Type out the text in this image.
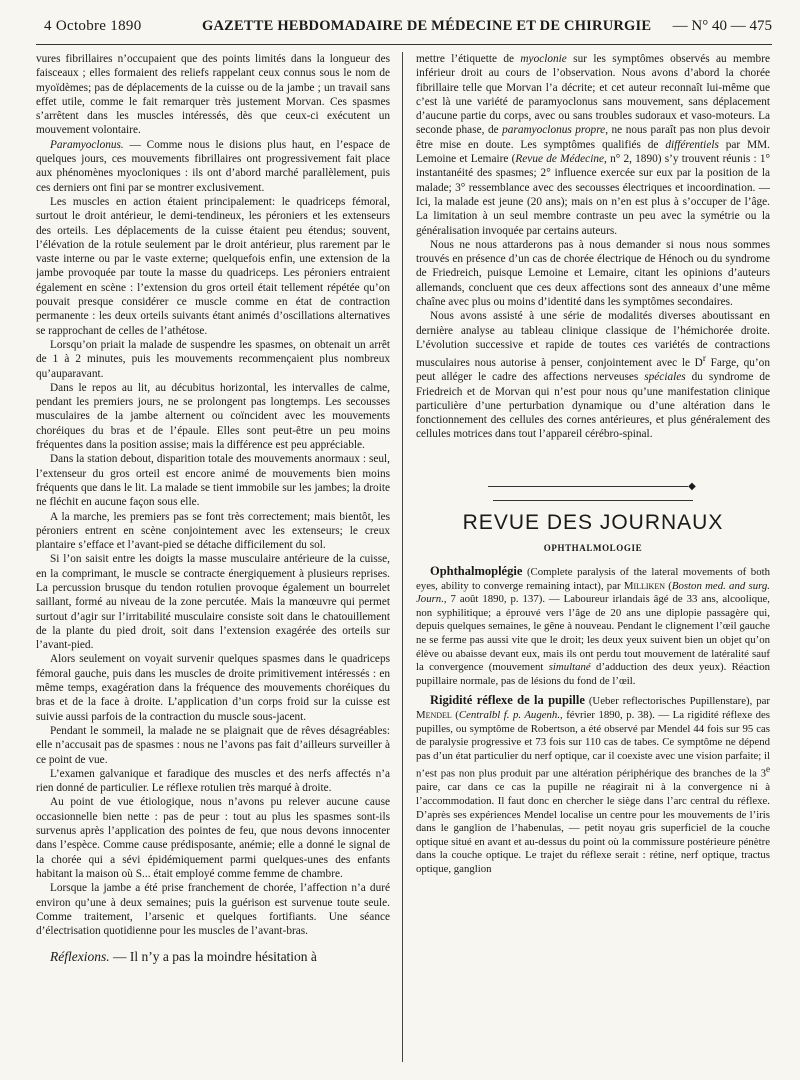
4 Octobre 1890	GAZETTE HEBDOMADAIRE DE MÉDECINE ET DE CHIRURGIE — N° 40 — 475

vures fibrillaires n’occupaient que des points limités dans la longueur des faisceaux ; elles formaient des reliefs rappelant ceux connus sous le nom de myoïdèmes; pas de déplacements de la cuisse ou de la jambe ; un travail sans effet utile, comme le fait remarquer très justement Morvan. Ces spasmes s’arrêtent dans les muscles intéressés, dès que ceux-ci exécutent un mouvement volontaire.

Paramyoclonus. — Comme nous le disions plus haut, en l’espace de quelques jours, ces mouvements fibrillaires ont progressivement fait place aux phénomènes myocloniques : ils ont d’abord marché parallèlement, puis ces derniers ont fini par se montrer exclusivement.

Les muscles en action étaient principalement: le quadriceps fémoral, surtout le droit antérieur, le demi-tendineux, les péroniers et les extenseurs des orteils. Les déplacements de la cuisse étaient peu étendus; souvent, l’élévation de la rotule seulement par le droit antérieur, plus rarement par le vaste interne ou par le vaste externe; quelquefois enfin, une extension de la jambe provoquée par toute la masse du quadriceps. Les péroniers entraient également en scène : l’extension du gros orteil était tellement répétée qu’on pouvait presque considérer ce muscle comme en état de contraction permanente : les deux orteils suivants étant animés d’oscillations alternatives se rapprochant de celles de l’athétose.

Lorsqu’on priait la malade de suspendre les spasmes, on obtenait un arrêt de 1 à 2 minutes, puis les mouvements recommençaient plus nombreux qu’auparavant.

Dans le repos au lit, au décubitus horizontal, les intervalles de calme, pendant les premiers jours, ne se prolongent pas longtemps. Les secousses musculaires de la jambe alternent ou coïncident avec les mouvements choréiques du bras et de l’épaule. Elles sont peut-être un peu moins fréquentes dans la position assise; mais la différence est peu appréciable.

Dans la station debout, disparition totale des mouvements anormaux : seul, l’extenseur du gros orteil est encore animé de mouvements bien moins fréquents que dans le lit. La malade se tient immobile sur les jambes; la droite ne fléchit en aucune façon sous elle.

A la marche, les premiers pas se font très correctement; mais bientôt, les péroniers entrent en scène conjointement avec les extenseurs; le creux plantaire s’efface et l’avant-pied se détache difficilement du sol.

Si l’on saisit entre les doigts la masse musculaire antérieure de la cuisse, en la comprimant, le muscle se contracte énergiquement à plusieurs reprises. La percussion brusque du tendon rotulien provoque également un bourrelet saillant, formé au niveau de la zone percutée. Mais la manœuvre qui permet surtout d’agir sur l’irritabilité musculaire consiste soit dans le chatouillement de la plante du pied droit, soit dans l’extension exagérée des orteils sur l’avant-pied.

Alors seulement on voyait survenir quelques spasmes dans le quadriceps fémoral gauche, puis dans les muscles de droite primitivement intéressés : en même temps, exagération dans la fréquence des mouvements choréiques du bras et de la face à droite. L’application d’un corps froid sur la cuisse est suivie aussi parfois de la contraction du muscle sous-jacent.

Pendant le sommeil, la malade ne se plaignait que de rêves désagréables: elle n’accusait pas de spasmes : nous ne l’avons pas fait d’ailleurs surveiller à ce point de vue.

L’examen galvanique et faradique des muscles et des nerfs affectés n’a rien donné de particulier. Le réflexe rotulien très marqué à droite.

Au point de vue étiologique, nous n’avons pu relever aucune cause occasionnelle bien nette : pas de peur : tout au plus les spasmes sont-ils survenus après l’application des pointes de feu, que nous devons innocenter dans l’espèce. Comme cause prédisposante, anémie; elle a donné le signal de la chorée qui a sévi épidémiquement parmi quelques-unes des enfants habitant la maison où S... était employé comme femme de chambre.

Lorsque la jambe a été prise franchement de chorée, l’affection n’a duré environ qu’une à deux semaines; puis la guérison est survenue toute seule. Comme traitement, l’arsenic et quelques fortifiants. Une séance d’électrisation quotidienne pour les muscles de l’avant-bras.

Réflexions. — Il n’y a pas la moindre hésitation à

mettre l’étiquette de myoclonie sur les symptômes observés au membre inférieur droit au cours de l’observation. Nous avons d’abord la chorée fibrillaire telle que Morvan l’a décrite; et cet auteur reconnaît lui-même que c’est là une variété de paramyoclonus sans mouvement, sans déplacement d’aucune partie du corps, avec ou sans troubles sudoraux et vaso-moteurs. La seconde phase, de paramyoclonus propre, ne nous paraît pas non plus devoir être mise en doute. Les symptômes qualifiés de différentiels par MM. Lemoine et Lemaire (Revue de Médecine, n° 2, 1890) s’y trouvent réunis : 1° instantanéité des spasmes; 2° influence exercée sur eux par la position de la malade; 3° ressemblance avec des secousses électriques et incoordination. — Ici, la malade est jeune (20 ans); mais on n’en est plus à s’occuper de l’âge. La limitation à un seul membre contraste un peu avec la symétrie ou la généralisation invoquée par certains auteurs.

Nous ne nous attarderons pas à nous demander si nous nous sommes trouvés en présence d’un cas de chorée électrique de Hénoch ou du syndrome de Friedreich, puisque Lemoine et Lemaire, citant les opinions d’auteurs allemands, concluent que ces deux affections sont des anneaux d’une même chaîne avec plus ou moins d’identité dans les symptômes secondaires.

Nous avons assisté à une série de modalités diverses aboutissant en dernière analyse au tableau clinique classique de l’hémichorée droite. L’évolution successive et rapide de toutes ces variétés de contractions musculaires nous autorise à penser, conjointement avec le $D^r$ Farge, qu’on peut alléger le cadre des affections nerveuses spéciales du syndrome de Friedreich et de Morvan qui n’est pour nous qu’une manifestation clinique particulière d’une perturbation dynamique ou d’une altération dans le fonctionnement des cellules des cornes antérieures, et plus généralement des cellules motrices dans tout l’appareil cérébro-spinal.

◆
REVUE DES JOURNAUX
OPHTHALMOLOGIE

Ophthalmoplégie (Complete paralysis of the lateral movements of both eyes, ability to converge remaining intact), par Milliken (Boston med. and surg. Journ., 7 août 1890, p. 137). — Laboureur irlandais âgé de 33 ans, alcoolique, non syphilitique; a éprouvé vers l’âge de 20 ans une diplopie passagère qui, depuis quelques semaines, le gêne à nouveau. Pendant le clignement l’œil gauche ne se ferme pas aussi vite que le droit; les deux yeux suivent bien un objet qu’on élève ou abaisse devant eux, mais ils ont perdu tout mouvement de latéralité sauf la convergence (mouvement simultané d’adduction des deux yeux). Réaction pupillaire normale, pas de lésions du fond de l’œil.

Rigidité réflexe de la pupille (Ueber reflectorisches Pupillenstare), par Mendel (Centralbl f. p. Augenh., février 1890, p. 38). — La rigidité réflexe des pupilles, ou symptôme de Robertson, a été observé par Mendel 44 fois sur 95 cas de paralysie progressive et 73 fois sur 110 cas de tabes. Ce symptôme ne dépend pas d’un état particulier du nerf optique, car il coexiste avec une vision parfaite; il n’est pas non plus produit par une altération périphérique des branches de la 3e paire, car dans ce cas la pupille ne réagirait ni à la convergence ni à l’accommodation. Il faut donc en chercher le siège dans l’arc central du réflexe. D’après ses expériences Mendel localise un centre pour les mouvements de l’iris dans le ganglion de l’habenulas, — petit noyau gris superficiel de la couche optique situé en avant et au-dessus du point où la commissure postérieure pénètre dans la couche optique. Le trajet du réflexe serait : rétine, nerf optique, tractus optique, ganglion
